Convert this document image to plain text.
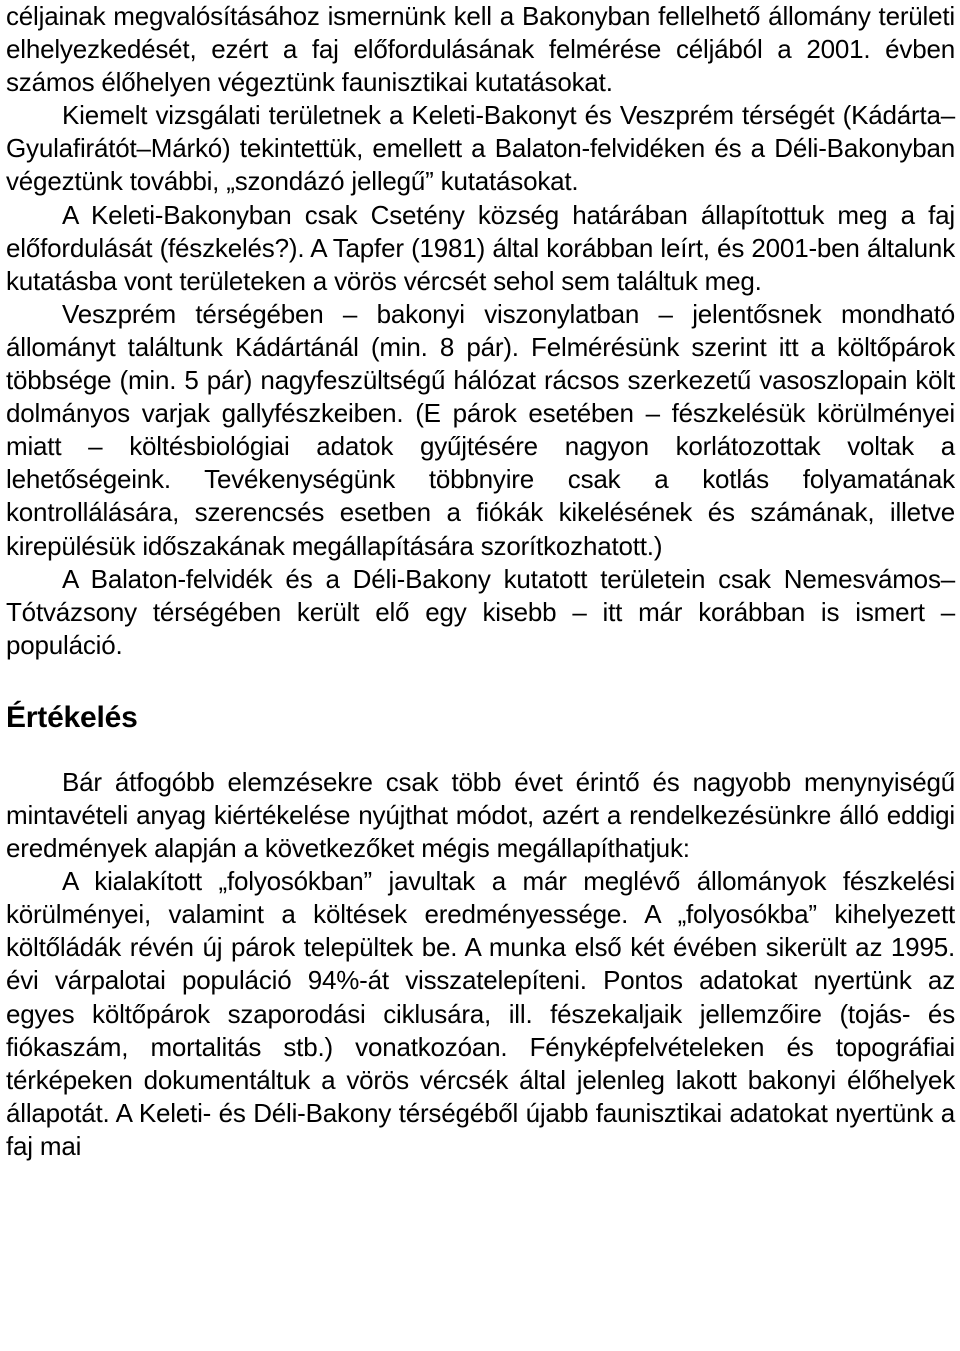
céljainak megvalósításához ismernünk kell a Bakonyban fellelhető állomány területi elhelyezkedését, ezért a faj előfordulásának felmérése céljából a 2001. évben számos élőhelyen végeztünk faunisztikai kutatásokat.

Kiemelt vizsgálati területnek a Keleti-Bakonyt és Veszprém térségét (Kádárta–Gyulafirátót–Márkó) tekintettük, emellett a Balaton-felvidéken és a Déli-Bakonyban végeztünk további, „szondázó jellegű” kutatásokat.

A Keleti-Bakonyban csak Csetény község határában állapítottuk meg a faj előfordulását (fészkelés?). A Tapfer (1981) által korábban leírt, és 2001-ben általunk kutatásba vont területeken a vörös vércsét sehol sem találtuk meg.

Veszprém térségében – bakonyi viszonylatban – jelentősnek mondható állományt találtunk Kádártánál (min. 8 pár). Felmérésünk szerint itt a költőpárok többsége (min. 5 pár) nagyfeszültségű hálózat rácsos szerkezetű vasoszlopain költ dolmányos varjak gallyfészkeiben. (E párok esetében – fészkelésük körülményei miatt – költésbiológiai adatok gyűjtésére nagyon korlátozottak voltak a lehetőségeink. Tevékenységünk többnyire csak a kotlás folyamatának kontrollálására, szerencsés esetben a fiókák kikelésének és számának, illetve kirepülésük időszakának megállapítására szorítkozhatott.)

A Balaton-felvidék és a Déli-Bakony kutatott területein csak Nemesvámos–Tótvázsony térségében került elő egy kisebb – itt már korábban is ismert – populáció.

Értékelés

Bár átfogóbb elemzésekre csak több évet érintő és nagyobb menynyiségű mintavételi anyag kiértékelése nyújthat módot, azért a rendelkezésünkre álló eddigi eredmények alapján a következőket mégis megállapíthatjuk:

A kialakított „folyosókban” javultak a már meglévő állományok fészkelési körülményei, valamint a költések eredményessége. A „folyosókba” kihelyezett költőládák révén új párok települtek be. A munka első két évében sikerült az 1995. évi várpalotai populáció 94%-át visszatelepíteni. Pontos adatokat nyertünk az egyes költőpárok szaporodási ciklusára, ill. fészekaljaik jellemzőire (tojás- és fiókaszám, mortalitás stb.) vonatkozóan. Fényképfelvételeken és topográfiai térképeken dokumentáltuk a vörös vércsék által jelenleg lakott bakonyi élőhelyek állapotát. A Keleti- és Déli-Bakony térségéből újabb faunisztikai adatokat nyertünk a faj mai
